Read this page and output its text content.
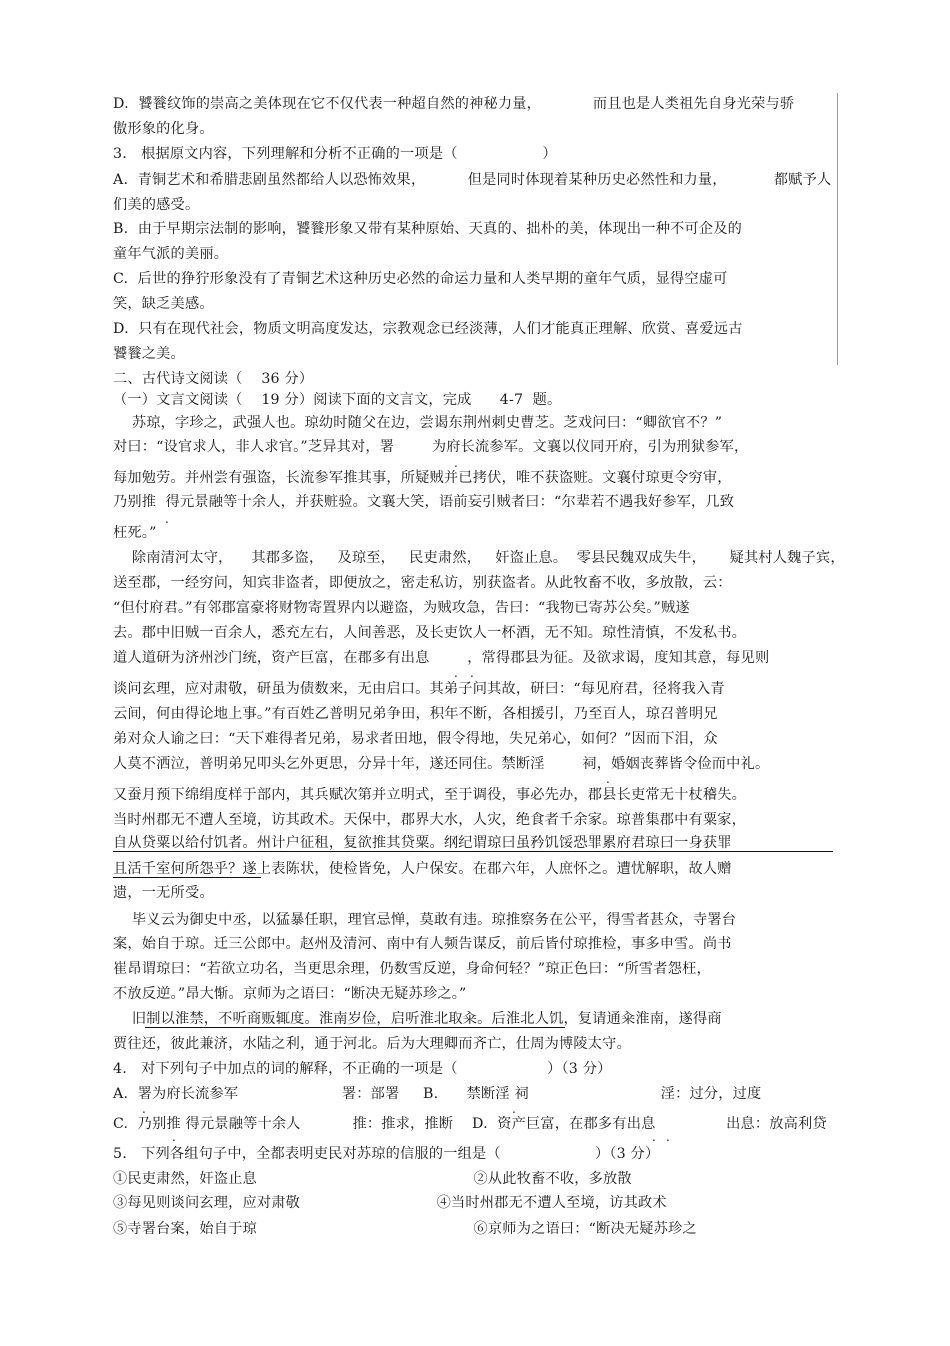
D.  饕餮纹饰的崇高之美体现在它不仅代表一种超自然的神秘力量，           而且也是人类祖先自身光荣与骄
傲形象的化身。
3.   根据原文内容，下列理解和分析不正确的一项是（                  ）
A.  青铜艺术和希腊悲剧虽然都给人以恐怖效果，         但是同时体现着某种历史必然性和力量，          都赋予人
们美的感受。
B.  由于早期宗法制的影响，饕餮形象又带有某种原始、天真的、拙朴的美，体现出一种不可企及的
童年气派的美丽。
C.  后世的狰狞形象没有了青铜艺术这种历史必然的命运力量和人类早期的童年气质，显得空虚可
笑，缺乏美感。
D.  只有在现代社会，物质文明高度发达，宗教观念已经淡薄，人们才能真正理解、欣赏、喜爱远古
饕餮之美。
二、古代诗文阅读（    36 分）
（一）文言文阅读（    19 分）阅读下面的文言文，完成      4-7  题。
苏琼，字珍之，武强人也。琼幼时随父在边，尝谒东荆州刺史曹芝。芝戏问曰：“卿欲官不？”
对曰：“设官求人，非人求官。”芝异其对，署        为府长流参军。文襄以仪同开府，引为刑狱参军，
每加勉劳。并州尝有强盗，长流参军推其事，所疑贼并已拷伏，唯不获盗赃。文襄付琼更令穷审，
乃别推  得元景融等十余人，并获赃验。文襄大笑，语前妄引贼者曰：“尔辈若不遇我好参军，几致
枉死。”
除南清河太守，    其郡多盗，   及琼至，   民吏肃然，   奸盗止息。  零县民魏双成失牛，     疑其村人魏子宾，
送至郡，一经穷问，知宾非盗者，即便放之，密走私访，别获盗者。从此牧畜不收，多放散，云：
“但付府君。”有邻郡富豪将财物寄置界内以避盗，为贼攻急，告曰：“我物已寄苏公矣。”贼遂
去。郡中旧贼一百余人，悉充左右，人间善恶，及长吏饮人一杯酒，无不知。琼性清慎，不发私书。
道人道研为济州沙门统，资产巨富，在郡多有出息        ，常得郡县为征。及欲求谒，度知其意，每见则
谈问玄理，应对肃敬，研虽为债数来，无由启口。其弟子问其故，研曰：“每见府君，径将我入青
云间，何由得论地上事。”有百姓乙普明兄弟争田，积年不断，各相援引，乃至百人，琼召普明兄
弟对众人谕之曰：“天下难得者兄弟，易求者田地，假令得地，失兄弟心，如何？”因而下泪，众
人莫不洒泣，普明弟兄叩头乞外更思，分异十年，遂还同住。禁断淫        祠，婚姻丧葬皆令俭而中礼。
又蚕月预下绵绢度样于部内，其兵赋次第并立明式，至于调役，事必先办，郡县长吏常无十杖稽失。
当时州郡无不遭人至境，访其政术。天保中，郡界大水，人灾，绝食者千余家。琼普集郡中有粟家，
自从贷粟以给付饥者。州计户征租，复欲推其贷粟。纲纪谓琼曰虽矜饥馁恐罪累府君琼曰一身获罪
且活千室何所怨乎？遂上表陈状，使检皆免，人户保安。在郡六年，人庶怀之。遭忧解职，故人赠
遗，一无所受。
毕义云为御史中丞，以猛暴任职，理官忌惮，莫敢有违。琼推察务在公平，得雪者甚众，寺署台
案，始自于琼。迁三公郎中。赵州及清河、南中有人频告谋反，前后皆付琼推检，事多申雪。尚书
崔昂谓琼曰：“若欲立功名，当更思余理，仍数雪反逆，身命何轻？”琼正色曰：“所雪者怨枉，
不放反逆。”昂大惭。京师为之语曰：“断决无疑苏珍之。”
旧制以淮禁，不听商贩辄度。淮南岁俭，启听淮北取籴。后淮北人饥，复请通籴淮南，遂得商
贾往还，彼此兼济，水陆之利，通于河北。后为大理卿而齐亡，仕周为博陵太守。
4.   对下列句子中加点的词的解释，不正确的一项是（                   ）（3 分）
A.  署为府长流参军                      署：部署     B.      禁断淫 祠                            淫：过分，过度
C.  乃别推 得元景融等十余人           推：推求，推断    D.  资产巨富，在郡多有出息               出息：放高利贷
5.   下列各组句子中，全都表明吏民对苏琼的信服的一组是（                    ）（3 分）
①民吏肃然，奸盗止息                                              ②从此牧畜不收，多放散
③每见则谈问玄理，应对肃敬                             ④当时州郡无不遭人至境，访其政术
⑤寺署台案，始自于琼                                              ⑥京师为之语曰：“断决无疑苏珍之
.
.
. .
.
.	.
.	. .
